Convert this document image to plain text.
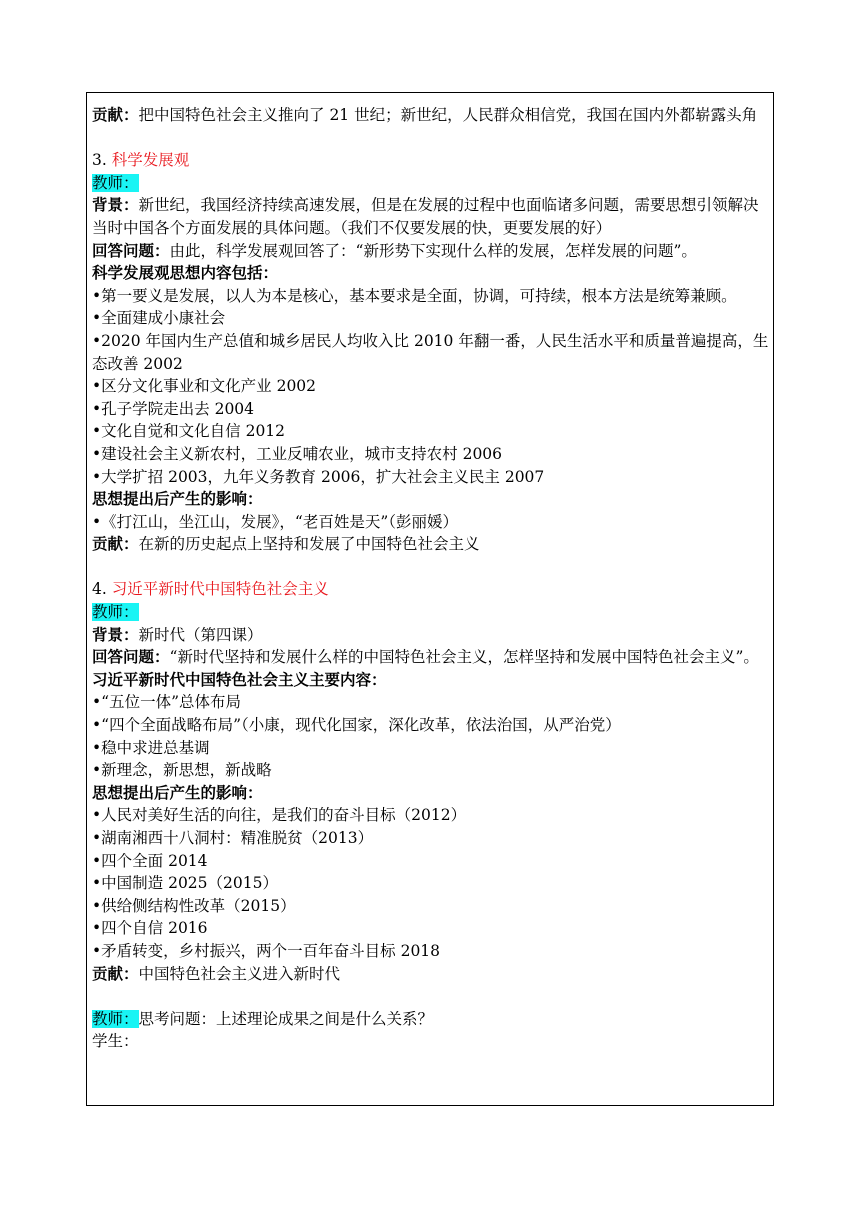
贡献：把中国特色社会主义推向了 21 世纪；新世纪，人民群众相信党，我国在国内外都崭露头角

3. 科学发展观

教师：

背景：新世纪，我国经济持续高速发展，但是在发展的过程中也面临诸多问题，需要思想引领解决当时中国各个方面发展的具体问题。（我们不仅要发展的快，更要发展的好）

回答问题：由此，科学发展观回答了：“新形势下实现什么样的发展，怎样发展的问题”。

科学发展观思想内容包括：

•第一要义是发展，以人为本是核心，基本要求是全面，协调，可持续，根本方法是统筹兼顾。

•全面建成小康社会

•2020 年国内生产总值和城乡居民人均收入比 2010 年翻一番，人民生活水平和质量普遍提高，生态改善 2002

•区分文化事业和文化产业 2002

•孔子学院走出去 2004

•文化自觉和文化自信 2012

•建设社会主义新农村，工业反哺农业，城市支持农村 2006

•大学扩招 2003，九年义务教育 2006，扩大社会主义民主 2007

思想提出后产生的影响：

•《打江山，坐江山，发展》，“老百姓是天”（彭丽媛）

贡献：在新的历史起点上坚持和发展了中国特色社会主义

4. 习近平新时代中国特色社会主义

教师：

背景：新时代（第四课）

回答问题：“新时代坚持和发展什么样的中国特色社会主义，怎样坚持和发展中国特色社会主义”。

习近平新时代中国特色社会主义主要内容：

•“五位一体”总体布局

•“四个全面战略布局”（小康，现代化国家，深化改革，依法治国，从严治党）

•稳中求进总基调

•新理念，新思想，新战略

思想提出后产生的影响：

•人民对美好生活的向往，是我们的奋斗目标（2012）

•湖南湘西十八洞村：精准脱贫（2013）

•四个全面 2014

•中国制造 2025（2015）

•供给侧结构性改革（2015）

•四个自信 2016

•矛盾转变，乡村振兴，两个一百年奋斗目标 2018

贡献：中国特色社会主义进入新时代

教师：思考问题：上述理论成果之间是什么关系？

学生：
